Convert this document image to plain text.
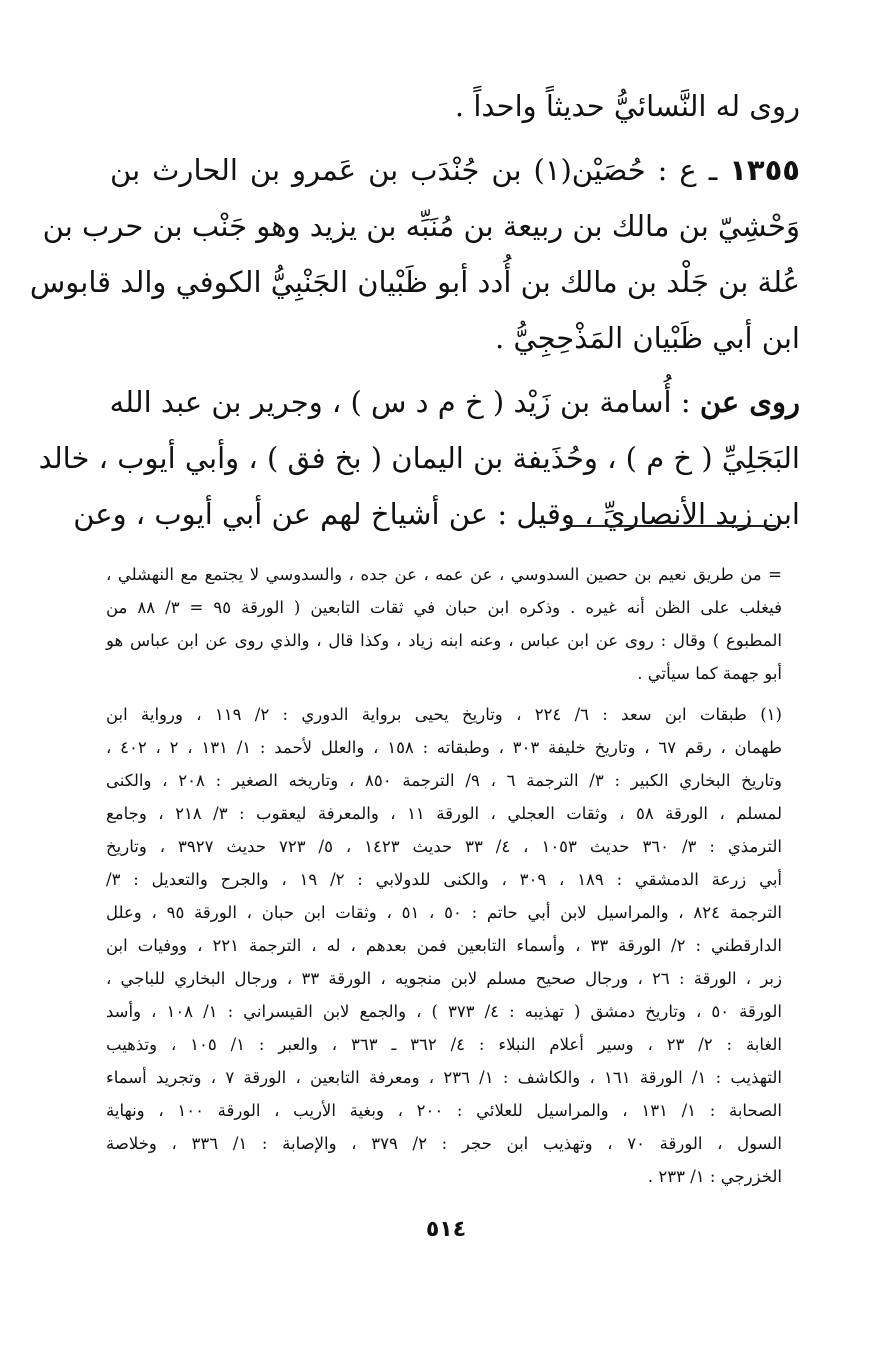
روى له النَّسائيُّ حديثاً واحداً .

١٣٥٥ ـ ع : حُصَيْن(١) بن جُنْدَب بن عَمرو بن الحارث بن
وَحْشِيّ بن مالك بن ربيعة بن مُنَبِّه بن يزيد وهو جَنْب بن حرب بن
عُلة بن جَلْد بن مالك بن أُدد أبو ظَبْيان الجَنْبِيُّ الكوفي والد قابوس
ابن أبي ظَبْيان المَذْحِجِيُّ .
روى عن : أُسامة بن زَيْد ( خ م د س ) ، وجرير بن عبد الله
البَجَلِيِّ ( خ م ) ، وحُذَيفة بن اليمان ( بخ فق ) ، وأبي أيوب ، خالد
ابن زيد الأنصاريِّ ، وقيل : عن أشياخ لهم عن أبي أيوب ، وعن
= من طريق نعيم بن حصين السدوسي ، عن عمه ، عن جده ، والسدوسي لا يجتمع مع النهشلي ،
فيغلب على الظن أنه غيره . وذكره ابن حبان في ثقات التابعين ( الورقة ٩٥ = ٣/ ٨٨ من
المطبوع ) وقال : روى عن ابن عباس ، وعنه ابنه زياد ، وكذا قال ، والذي روى عن ابن عباس هو
أبو جهمة كما سيأتي .
(١) طبقات ابن سعد : ٦/ ٢٢٤ ، وتاريخ يحيى برواية الدوري : ٢/ ١١٩ ، ورواية ابن
طهمان ، رقم ٦٧ ، وتاريخ خليفة ٣٠٣ ، وطبقاته : ١٥٨ ، والعلل لأحمد : ١/ ١٣١ ، ٢ ، ٤٠٢ ،
وتاريخ البخاري الكبير : ٣/ الترجمة ٦ ، ٩/ الترجمة ٨٥٠ ، وتاريخه الصغير : ٢٠٨ ، والكنى
لمسلم ، الورقة ٥٨ ، وثقات العجلي ، الورقة ١١ ، والمعرفة ليعقوب : ٣/ ٢١٨ ، وجامع
الترمذي : ٣/ ٣٦٠ حديث ١٠٥٣ ، ٤/ ٣٣ حديث ١٤٢٣ ، ٥/ ٧٢٣ حديث ٣٩٢٧ ، وتاريخ
أبي زرعة الدمشقي : ١٨٩ ، ٣٠٩ ، والكنى للدولابي : ٢/ ١٩ ، والجرح والتعديل : ٣/
الترجمة ٨٢٤ ، والمراسيل لابن أبي حاتم : ٥٠ ، ٥١ ، وثقات ابن حبان ، الورقة ٩٥ ، وعلل
الدارقطني : ٢/ الورقة ٣٣ ، وأسماء التابعين فمن بعدهم ، له ، الترجمة ٢٢١ ، ووفيات ابن
زبر ، الورقة : ٢٦ ، ورجال صحيح مسلم لابن منجويه ، الورقة ٣٣ ، ورجال البخاري للباجي ،
الورقة ٥٠ ، وتاريخ دمشق ( تهذيبه : ٤/ ٣٧٣ ) ، والجمع لابن القيسراني : ١/ ١٠٨ ، وأسد
الغابة : ٢/ ٢٣ ، وسير أعلام النبلاء : ٤/ ٣٦٢ ـ ٣٦٣ ، والعبر : ١/ ١٠٥ ، وتذهيب
التهذيب : ١/ الورقة ١٦١ ، والكاشف : ١/ ٢٣٦ ، ومعرفة التابعين ، الورقة ٧ ، وتجريد أسماء
الصحابة : ١/ ١٣١ ، والمراسيل للعلائي : ٢٠٠ ، وبغية الأريب ، الورقة ١٠٠ ، ونهاية
السول ، الورقة ٧٠ ، وتهذيب ابن حجر : ٢/ ٣٧٩ ، والإصابة : ١/ ٣٣٦ ، وخلاصة
الخزرجي : ١/ ٢٣٣ .
٥١٤
